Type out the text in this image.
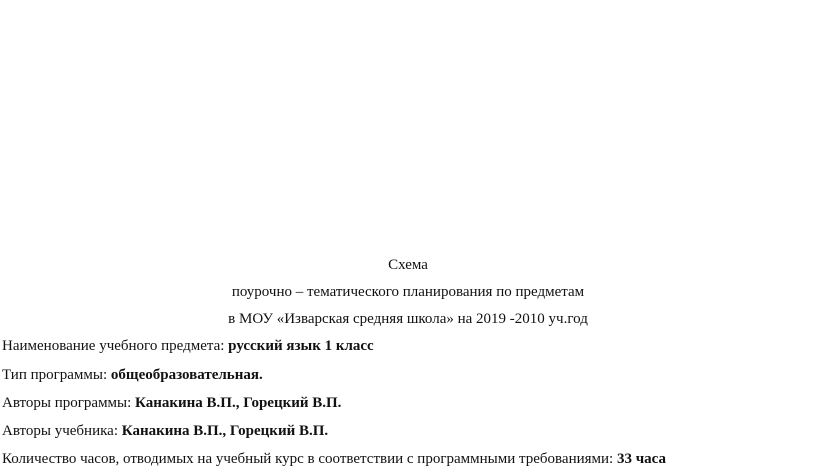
Схема
поурочно – тематического планирования по предметам
в МОУ «Изварская средняя школа» на 2019 -2010 уч.год
Наименование учебного предмета: русский язык 1 класс
Тип программы: общеобразовательная.
Авторы программы: Канакина В.П., Горецкий В.П.
Авторы учебника: Канакина В.П., Горецкий В.П.
Количество часов, отводимых на учебный курс в соответствии с программными требованиями: 33 часа
